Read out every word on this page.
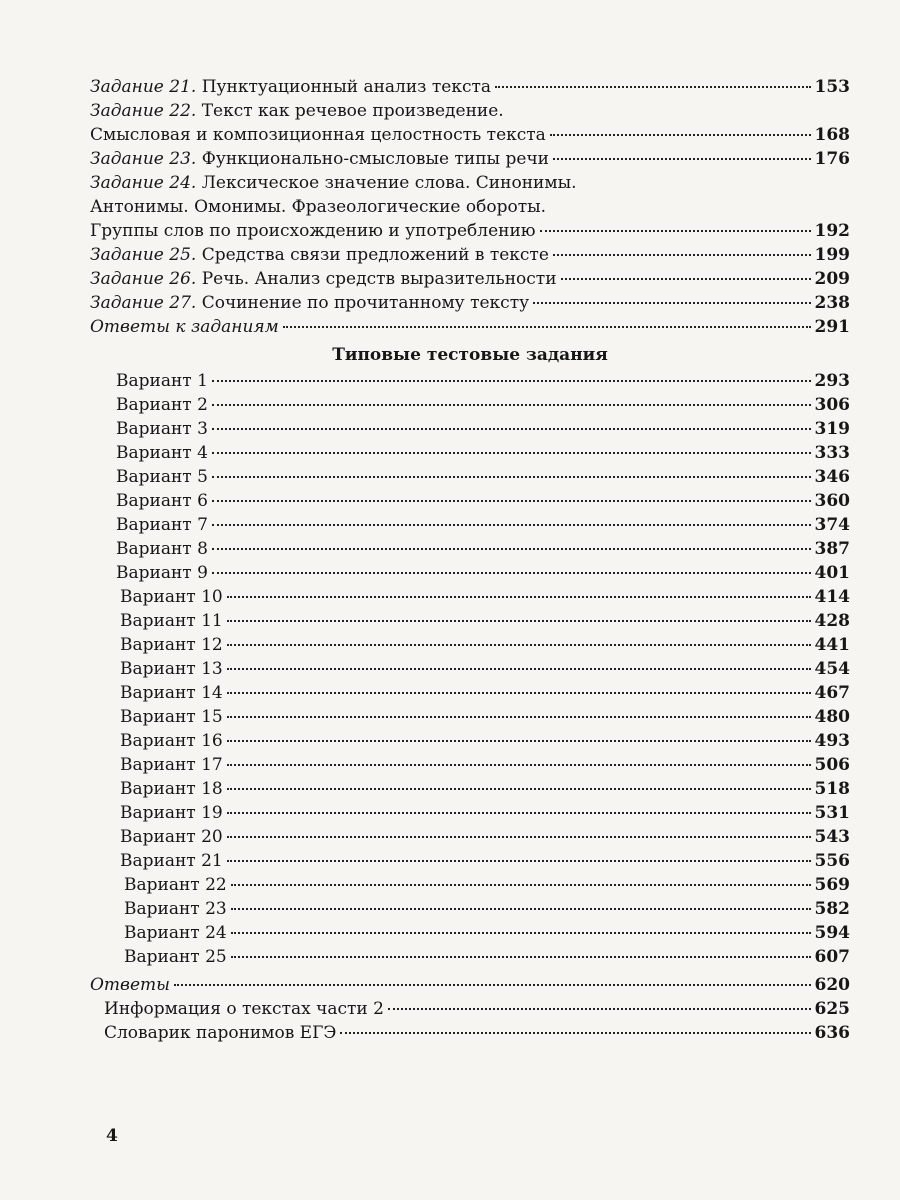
Задание 21. Пунктуационный анализ текста	153
Задание 22. Текст как речевое произведение.
Смысловая и композиционная целостность текста	168
Задание 23. Функционально-смысловые типы речи	176
Задание 24. Лексическое значение слова. Синонимы.
Антонимы. Омонимы. Фразеологические обороты.
Группы слов по происхождению и употреблению	192
Задание 25. Средства связи предложений в тексте	199
Задание 26. Речь. Анализ средств выразительности	209
Задание 27. Сочинение по прочитанному тексту	238
Ответы к заданиям	291
Типовые тестовые задания
Вариант 1	293
Вариант 2	306
Вариант 3	319
Вариант 4	333
Вариант 5	346
Вариант 6	360
Вариант 7	374
Вариант 8	387
Вариант 9	401
Вариант 10	414
Вариант 11	428
Вариант 12	441
Вариант 13	454
Вариант 14	467
Вариант 15	480
Вариант 16	493
Вариант 17	506
Вариант 18	518
Вариант 19	531
Вариант 20	543
Вариант 21	556
Вариант 22	569
Вариант 23	582
Вариант 24	594
Вариант 25	607
Ответы	620
Информация о текстах части 2	625
Словарик паронимов ЕГЭ	636
4
